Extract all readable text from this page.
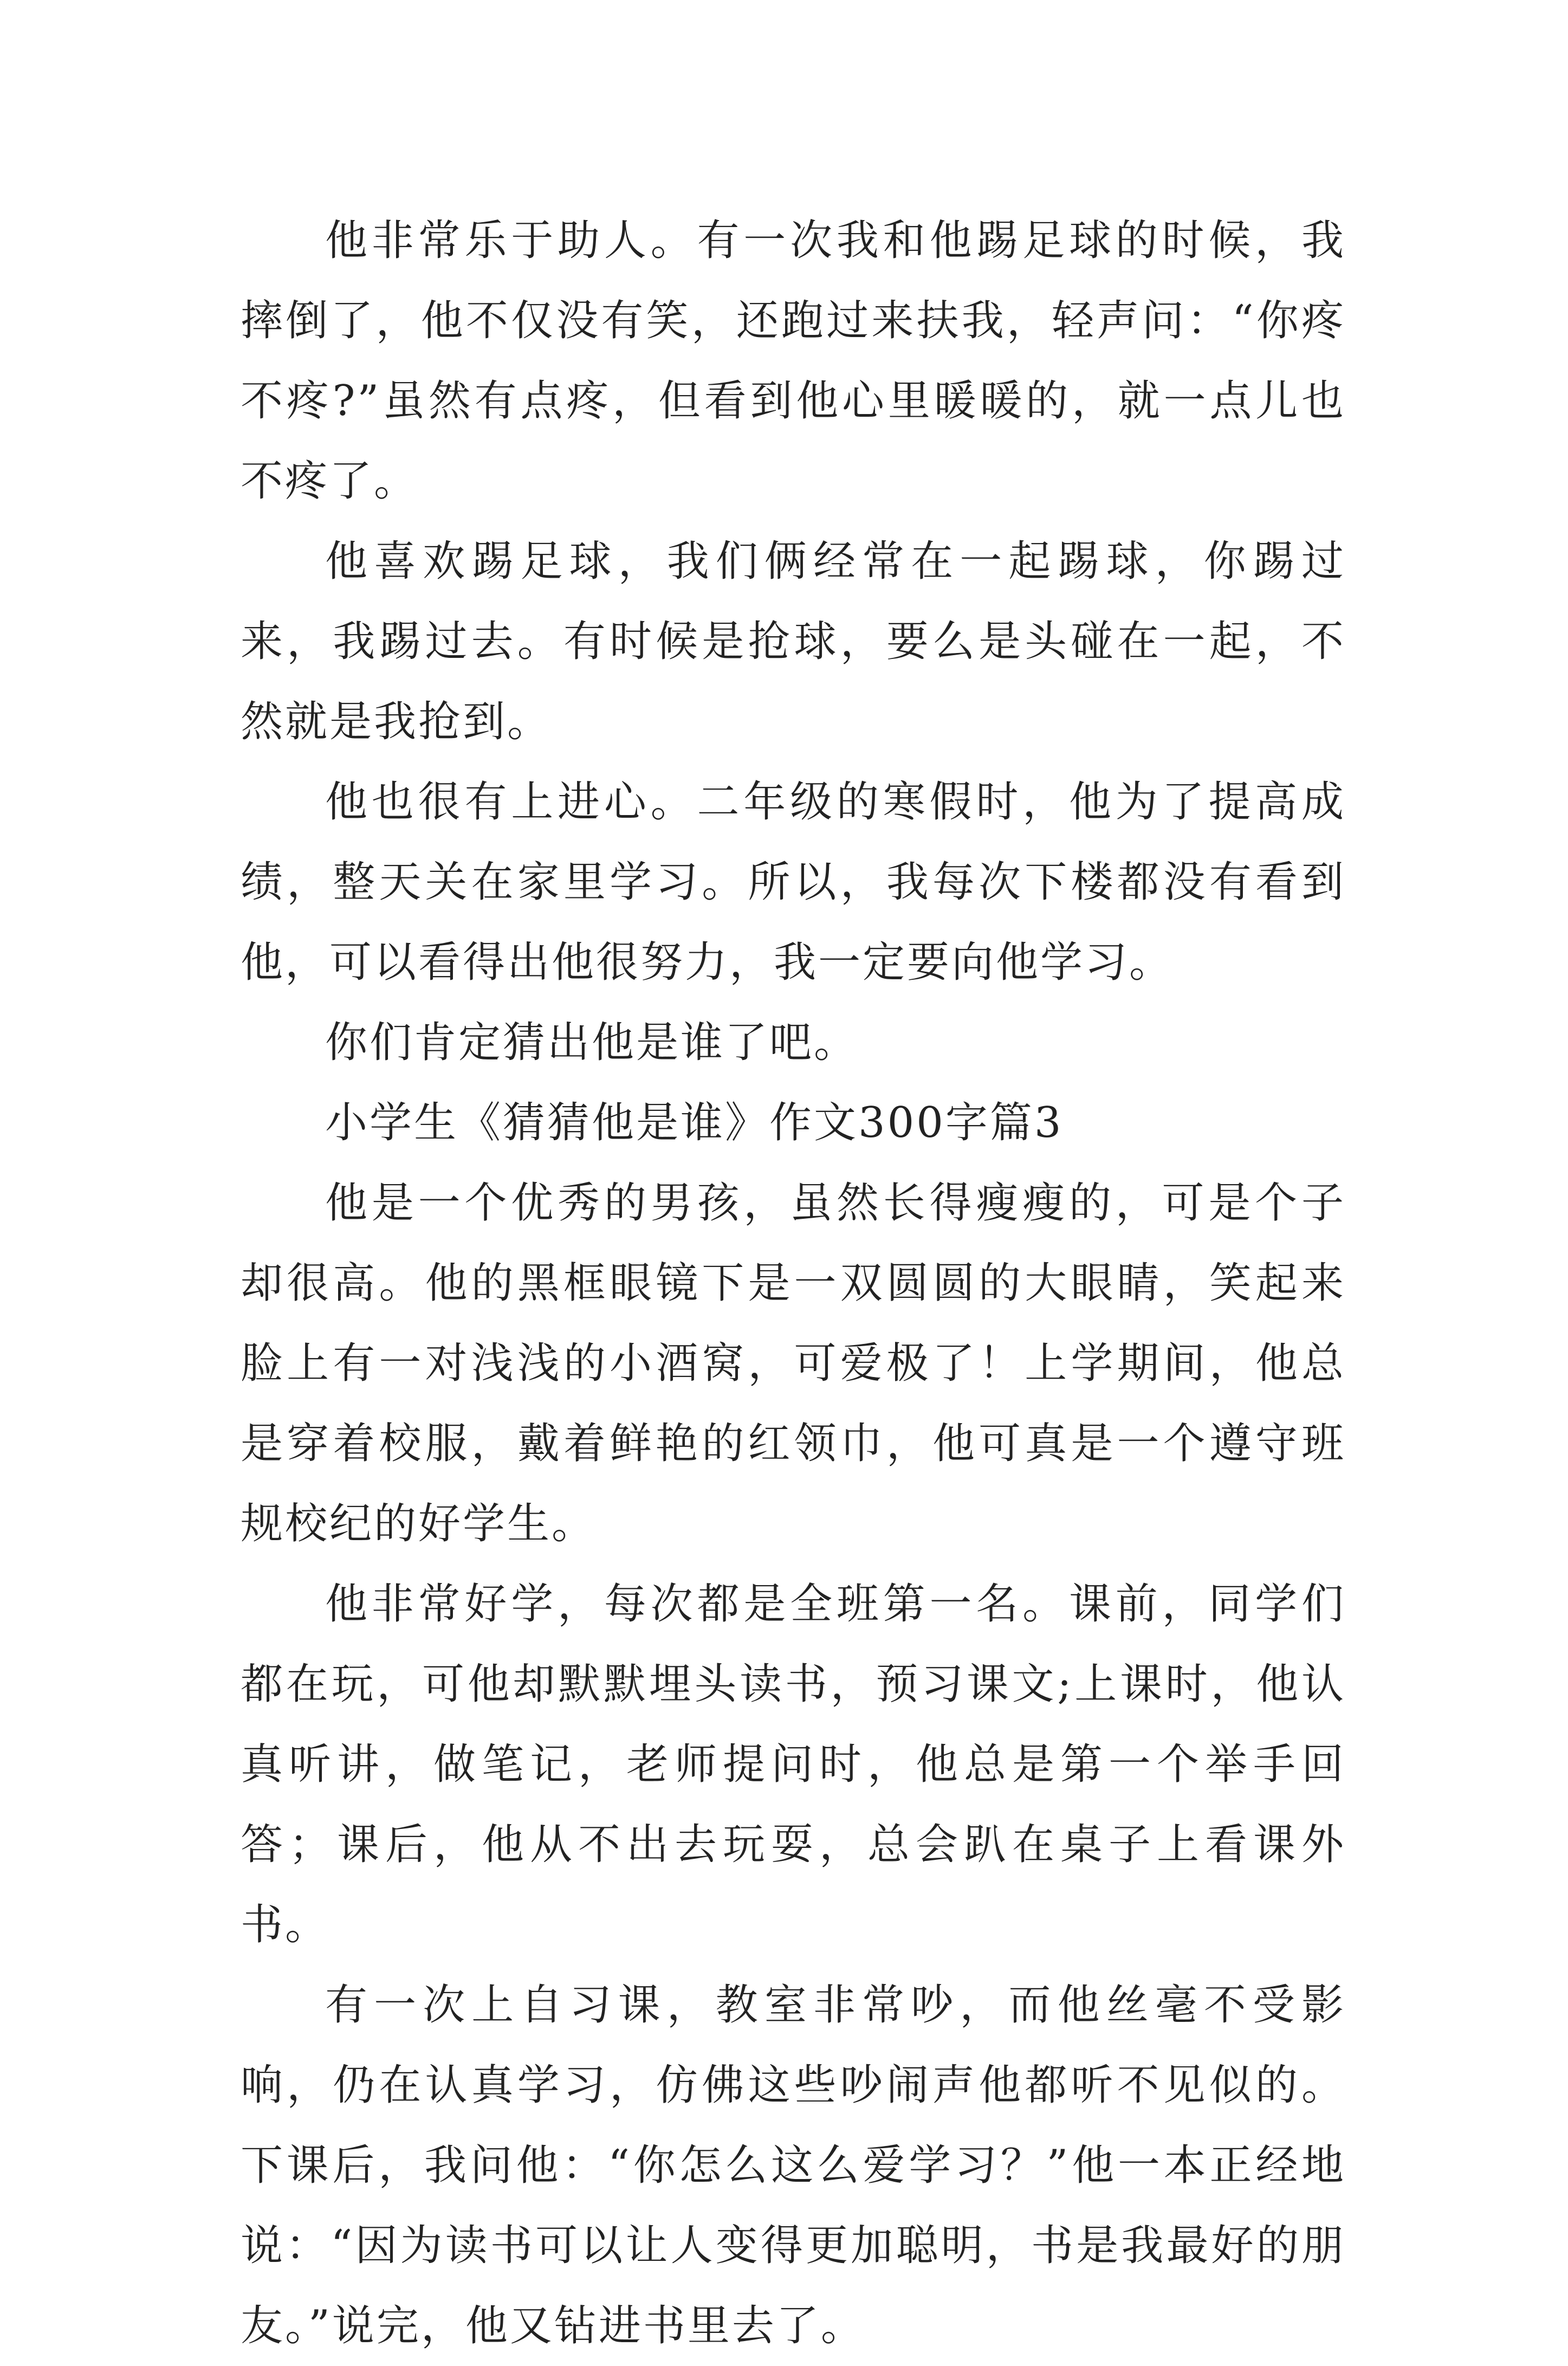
他非常乐于助人。有一次我和他踢足球的时候，我摔倒了，他不仅没有笑，还跑过来扶我，轻声问：“你疼不疼?”虽然有点疼，但看到他心里暖暖的，就一点儿也不疼了。

他喜欢踢足球，我们俩经常在一起踢球，你踢过来，我踢过去。有时候是抢球，要么是头碰在一起，不然就是我抢到。

他也很有上进心。二年级的寒假时，他为了提高成绩，整天关在家里学习。所以，我每次下楼都没有看到他，可以看得出他很努力，我一定要向他学习。

你们肯定猜出他是谁了吧。

小学生《猜猜他是谁》作文300字篇3

他是一个优秀的男孩，虽然长得瘦瘦的，可是个子却很高。他的黑框眼镜下是一双圆圆的大眼睛，笑起来脸上有一对浅浅的小酒窝，可爱极了！上学期间，他总是穿着校服，戴着鲜艳的红领巾，他可真是一个遵守班规校纪的好学生。

他非常好学，每次都是全班第一名。课前，同学们都在玩，可他却默默埋头读书，预习课文;上课时，他认真听讲，做笔记，老师提问时，他总是第一个举手回答；课后，他从不出去玩耍，总会趴在桌子上看课外书。

有一次上自习课，教室非常吵，而他丝毫不受影响，仍在认真学习，仿佛这些吵闹声他都听不见似的。下课后，我问他：“你怎么这么爱学习？”他一本正经地说：“因为读书可以让人变得更加聪明，书是我最好的朋友。”说完，他又钻进书里去了。
